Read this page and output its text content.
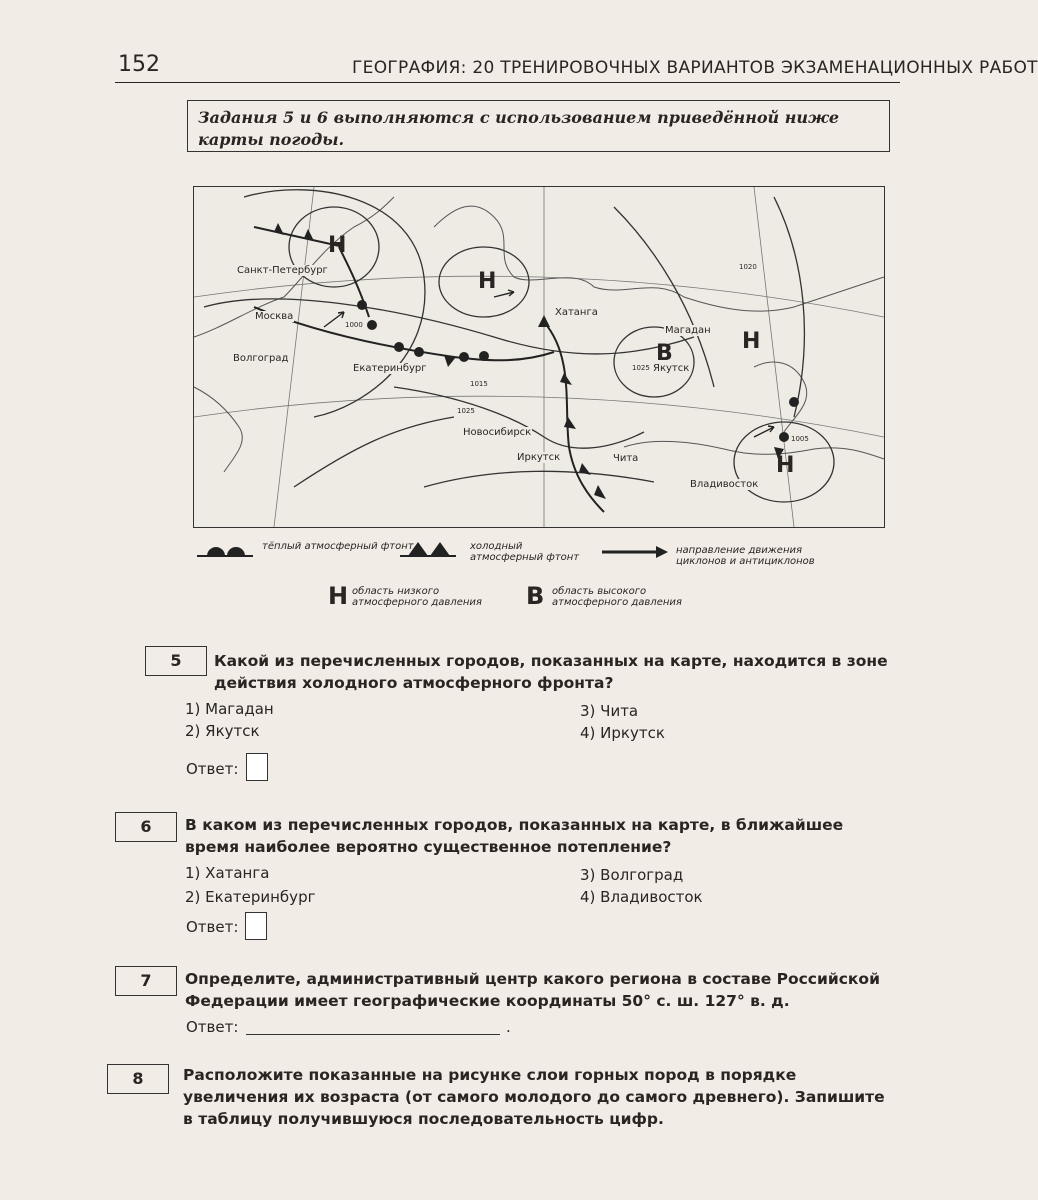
152	ГЕОГРАФИЯ: 20 ТРЕНИРОВОЧНЫХ ВАРИАНТОВ ЭКЗАМЕНАЦИОННЫХ РАБОТ
Задания 5 и 6 выполняются с использованием приведённой ниже карты погоды.
Санкт-Петербург
Москва
Волгоград
Екатеринбург
Новосибирск
Иркутск	Чита
Владивосток
Хатанга
Магадан
Якутск
Н
Н
Н
Н
В
1000
1015
1025
1025
1005
1020
тёплый атмосферный фтонт	холодный атмосферный фтонт
направление движения циклонов и антициклонов
Н область низкого атмосферного давления	В область высокого атмосферного давления
5	Какой из перечисленных городов, показанных на карте, находится в зоне действия холодного атмосферного фронта?
1) Магадан
2) Якутск
3) Чита
4) Иркутск
Ответ:
6	В каком из перечисленных городов, показанных на карте, в ближайшее время наиболее вероятно существенное потепление?
1) Хатанга
2) Екатеринбург
3) Волгоград
4) Владивосток
Ответ:
7	Определите, административный центр какого региона в составе Российской Федерации имеет географические координаты 50° с. ш. 127° в. д.
Ответ:	.
8	Расположите показанные на рисунке слои горных пород в порядке увеличения их возраста (от самого молодого до самого древнего). Запишите в таблицу получившуюся последовательность цифр.
